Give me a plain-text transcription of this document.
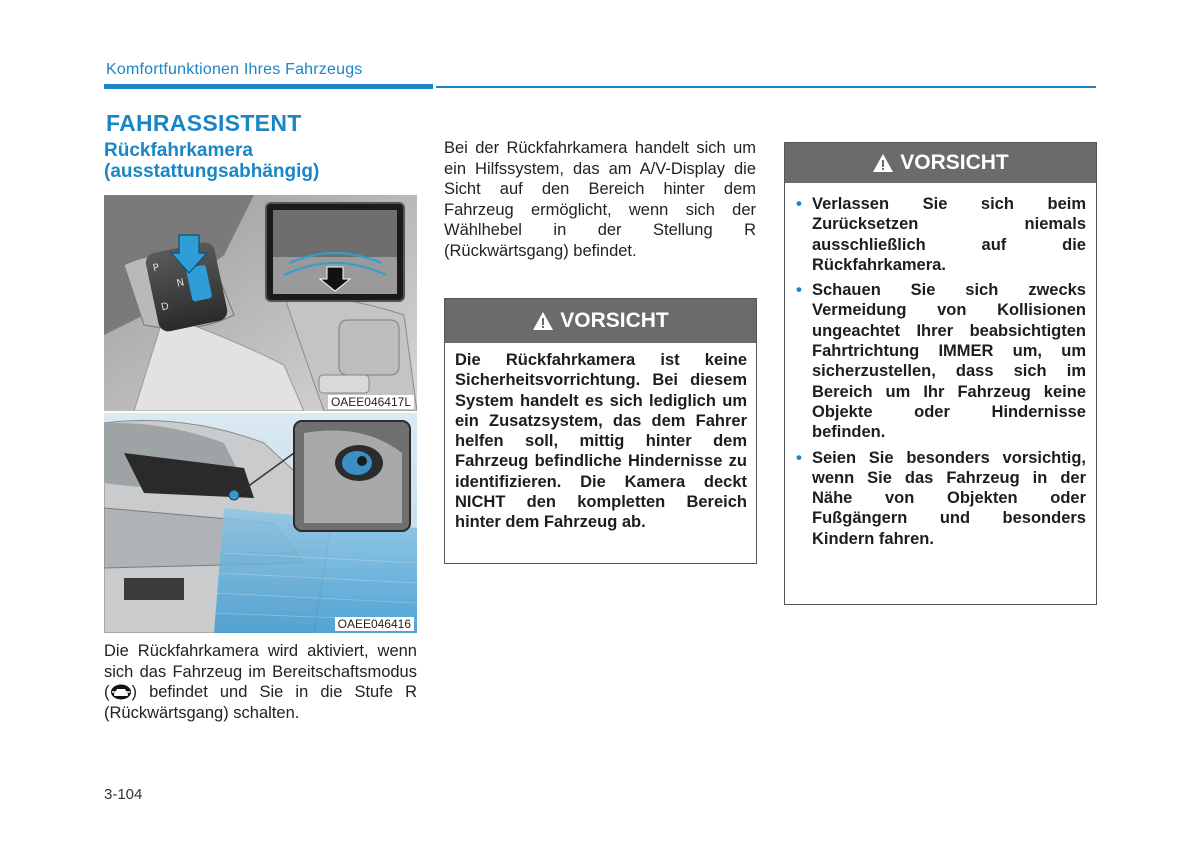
Komfortfunktionen Ihres Fahrzeugs
FAHRASSISTENT
Rückfahrkamera (ausstattungsabhängig)
P
D
N
OAEE046417L
OAEE046416
Die Rückfahrkamera wird aktiviert, wenn sich das Fahrzeug im Bereitschaftsmodus ( ) befindet und Sie in die Stufe R (Rückwärtsgang) schalten.
Bei der Rückfahrkamera handelt sich um ein Hilfssystem, das am A/V-Display die Sicht auf den Bereich hinter dem Fahrzeug ermöglicht, wenn sich der Wählhebel in der Stellung R (Rückwärtsgang) befindet.
VORSICHT
Die Rückfahrkamera ist keine Sicherheitsvorrichtung. Bei diesem System handelt es sich lediglich um ein Zusatzsystem, das dem Fahrer helfen soll, mittig hinter dem Fahrzeug befindliche Hindernisse zu identifizieren. Die Kamera deckt NICHT den kompletten Bereich hinter dem Fahrzeug ab.
VORSICHT
• Verlassen Sie sich beim Zurücksetzen niemals ausschließlich auf die Rückfahrkamera.
• Schauen Sie sich zwecks Vermeidung von Kollisionen ungeachtet Ihrer beabsichtigten Fahrtrichtung IMMER um, um sicherzustellen, dass sich im Bereich um Ihr Fahrzeug keine Objekte oder Hindernisse befinden.
• Seien Sie besonders vorsichtig, wenn Sie das Fahrzeug in der Nähe von Objekten oder Fußgängern und besonders Kindern fahren.
3-104
